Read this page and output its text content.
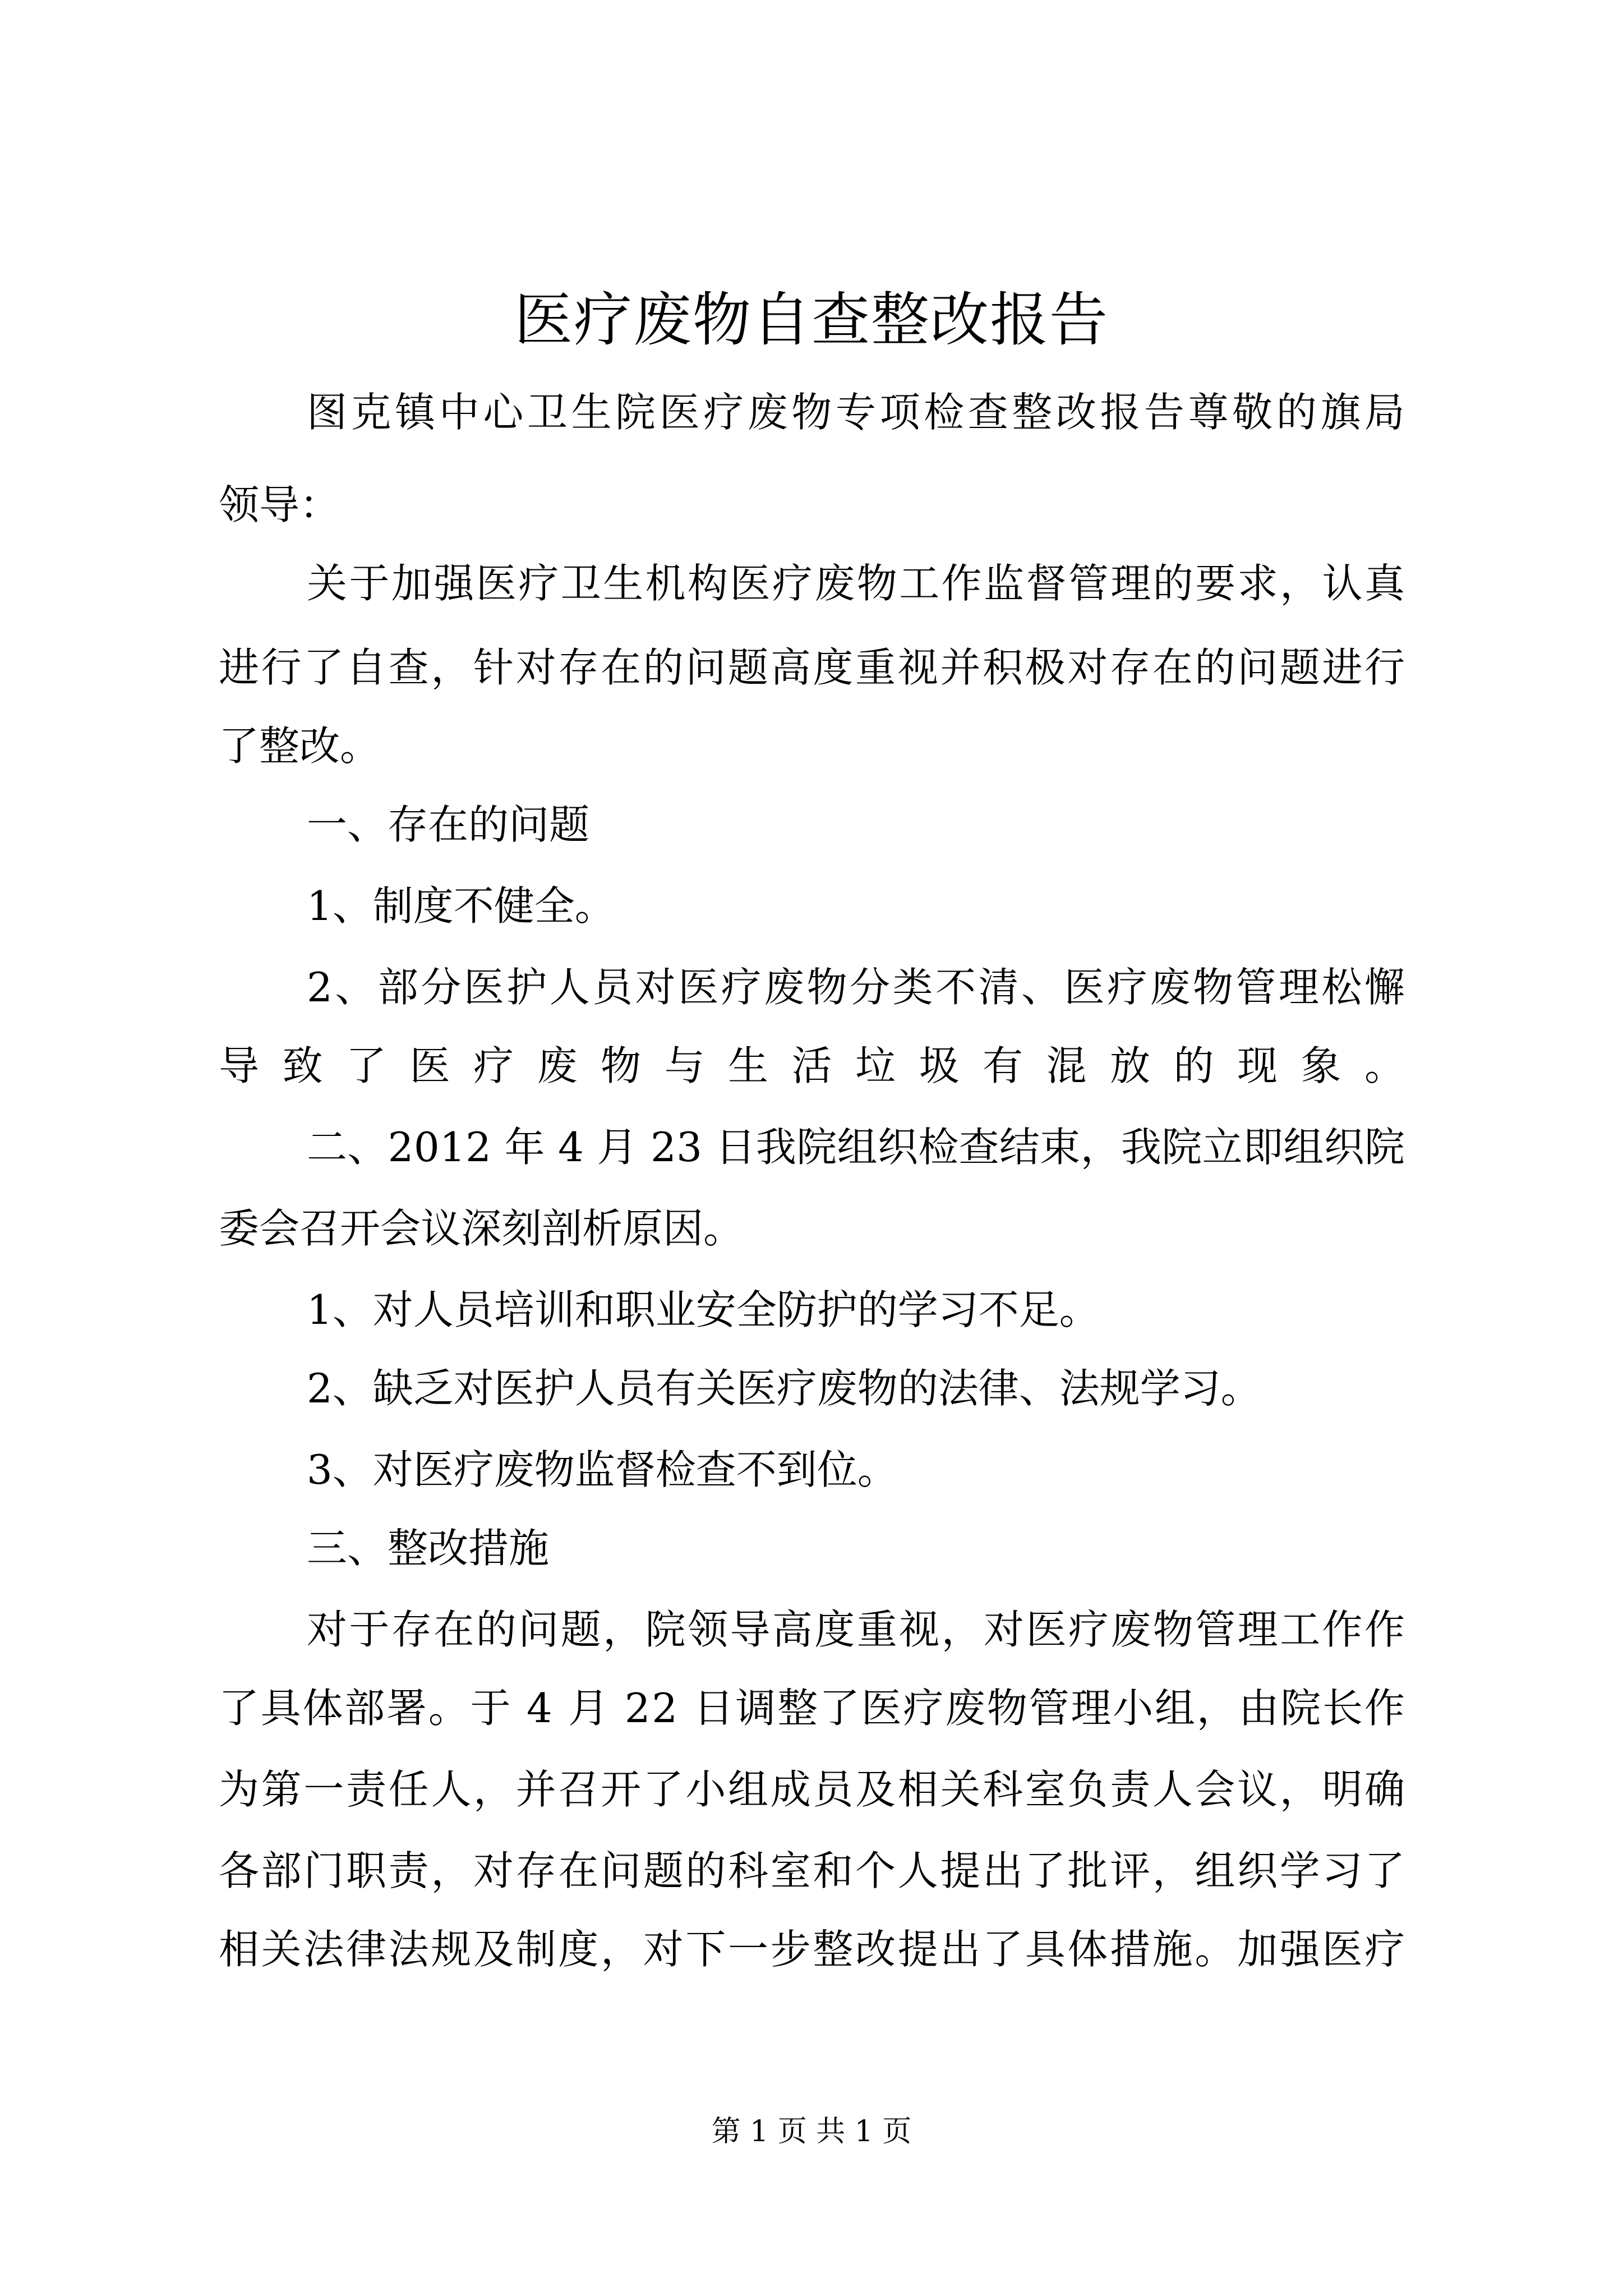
医疗废物自查整改报告
图克镇中心卫生院医疗废物专项检查整改报告尊敬的旗局
领导：
关于加强医疗卫生机构医疗废物工作监督管理的要求，认真
进行了自查，针对存在的问题高度重视并积极对存在的问题进行
了整改。
一、存在的问题
1、制度不健全。
2、部分医护人员对医疗废物分类不清、医疗废物管理松懈
导致了医疗废物与生活垃圾有混放的现象。
二、2012 年 4 月 23 日我院组织检查结束，我院立即组织院
委会召开会议深刻剖析原因。
1、对人员培训和职业安全防护的学习不足。
2、缺乏对医护人员有关医疗废物的法律、法规学习。
3、对医疗废物监督检查不到位。
三、整改措施
对于存在的问题，院领导高度重视，对医疗废物管理工作作
了具体部署。于 4 月 22 日调整了医疗废物管理小组，由院长作
为第一责任人，并召开了小组成员及相关科室负责人会议，明确
各部门职责，对存在问题的科室和个人提出了批评，组织学习了
相关法律法规及制度，对下一步整改提出了具体措施。加强医疗
第 1 页 共 1 页
